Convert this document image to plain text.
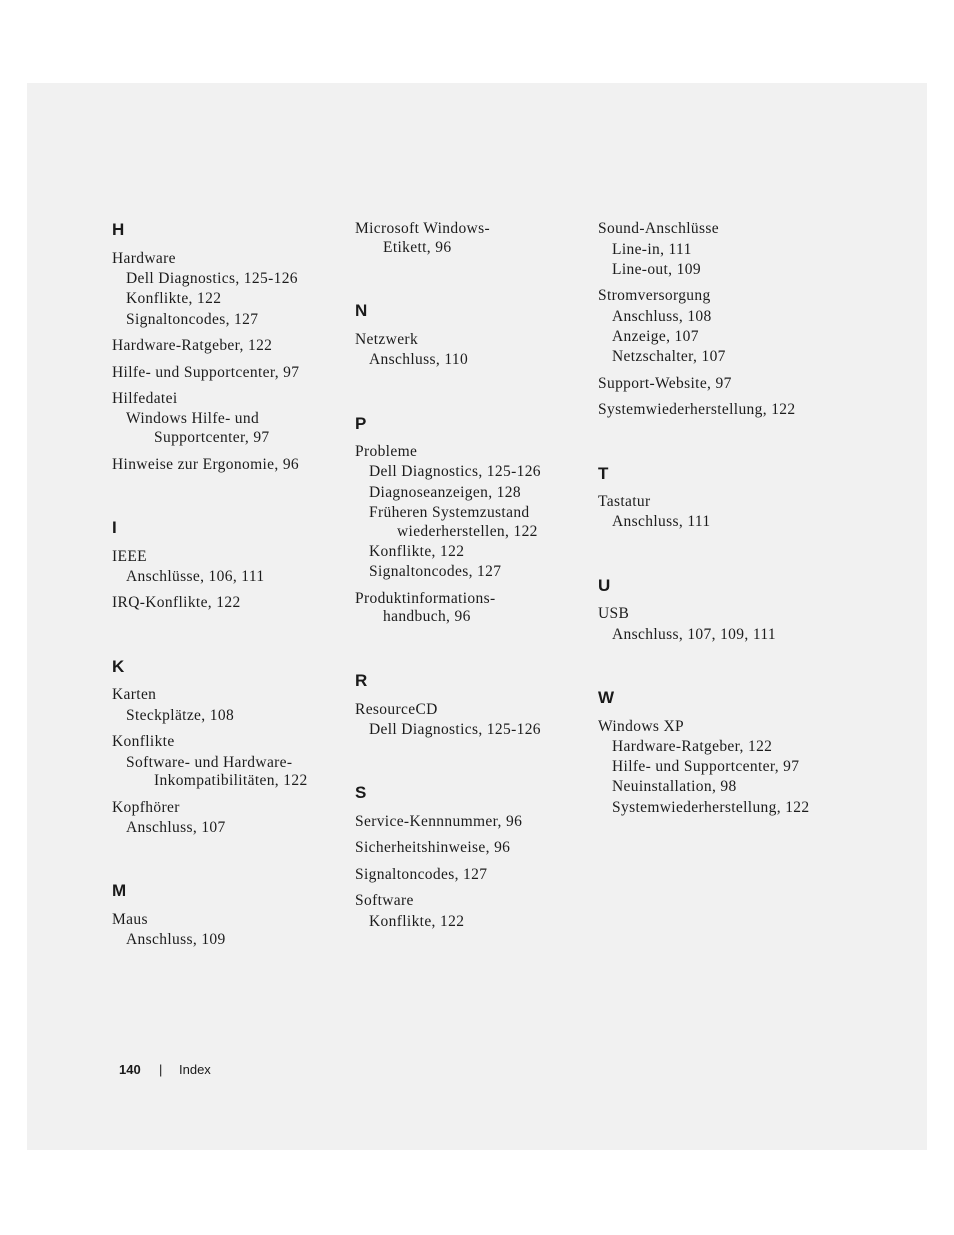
H
Hardware
Dell Diagnostics, 125-126
Konflikte, 122
Signaltoncodes, 127
Hardware-Ratgeber, 122
Hilfe- und Supportcenter, 97
Hilfedatei
Windows Hilfe- und
Supportcenter, 97
Hinweise zur Ergonomie, 96
I
IEEE
Anschlüsse, 106, 111
IRQ-Konflikte, 122
K
Karten
Steckplätze, 108
Konflikte
Software- und Hardware-
Inkompatibilitäten, 122
Kopfhörer
Anschluss, 107
M
Maus
Anschluss, 109
Microsoft Windows-
Etikett, 96
N
Netzwerk
Anschluss, 110
P
Probleme
Dell Diagnostics, 125-126
Diagnoseanzeigen, 128
Früheren Systemzustand
wiederherstellen, 122
Konflikte, 122
Signaltoncodes, 127
Produktinformations-
handbuch, 96
R
ResourceCD
Dell Diagnostics, 125-126
S
Service-Kennnummer, 96
Sicherheitshinweise, 96
Signaltoncodes, 127
Software
Konflikte, 122
Sound-Anschlüsse
Line-in, 111
Line-out, 109
Stromversorgung
Anschluss, 108
Anzeige, 107
Netzschalter, 107
Support-Website, 97
Systemwiederherstellung, 122
T
Tastatur
Anschluss, 111
U
USB
Anschluss, 107, 109, 111
W
Windows XP
Hardware-Ratgeber, 122
Hilfe- und Supportcenter, 97
Neuinstallation, 98
Systemwiederherstellung, 122
140 | Index
